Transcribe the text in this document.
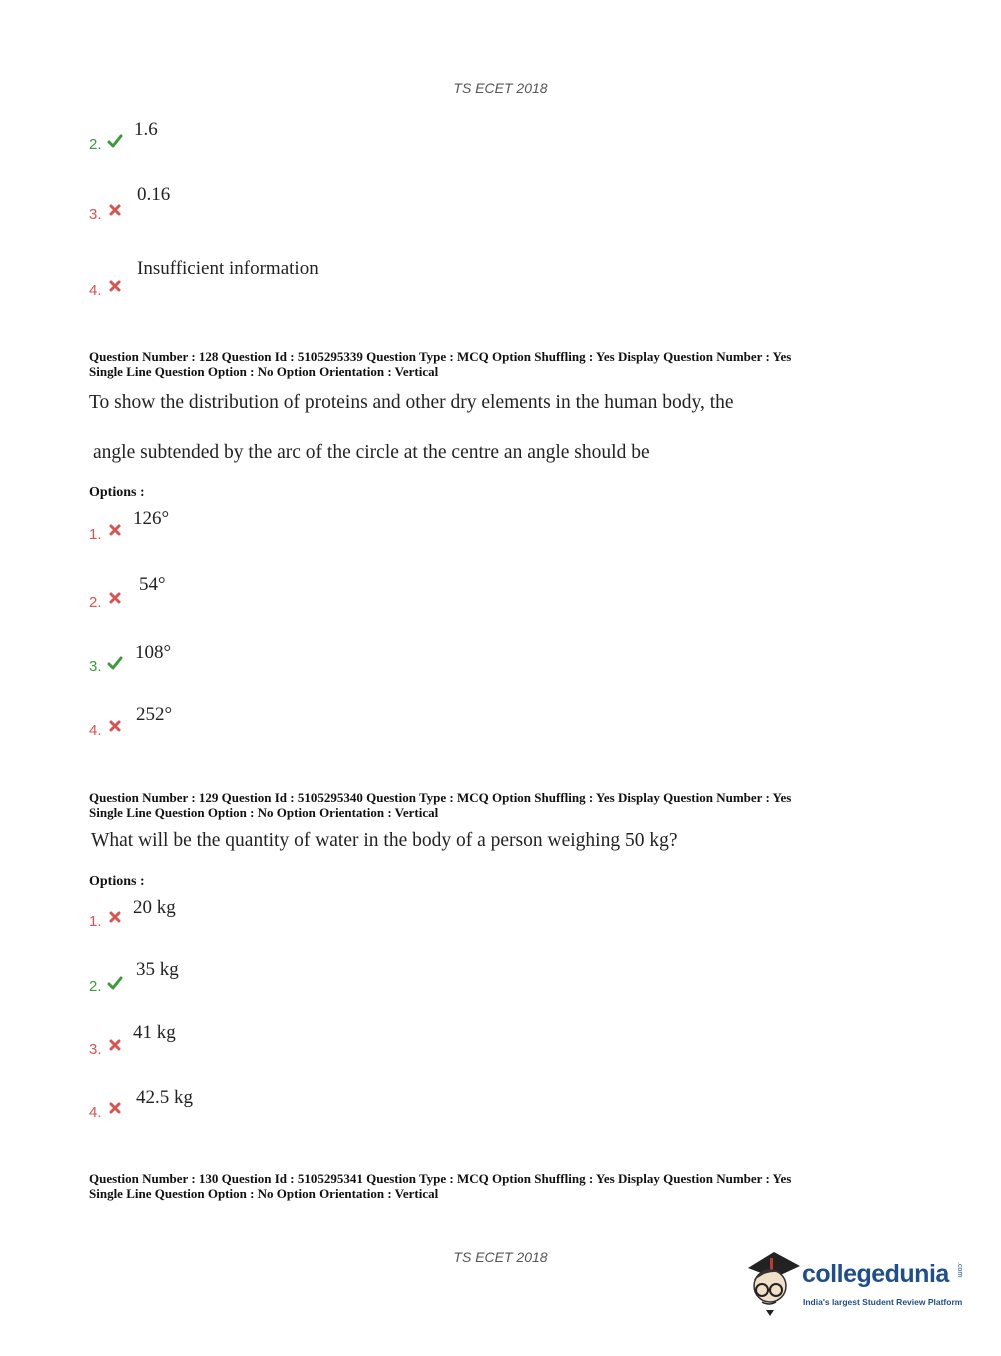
TS ECET 2018
2.
1.6
3.
0.16
4.
Insufficient information
Question Number : 128 Question Id : 5105295339 Question Type : MCQ Option Shuffling : Yes Display Question Number : Yes
Single Line Question Option : No Option Orientation : Vertical
To show the distribution of proteins and other dry elements in the human body, the
angle subtended by the arc of the circle at the centre an angle should be
Options :
1.
126°
2.
54°
3.
108°
4.
252°
Question Number : 129 Question Id : 5105295340 Question Type : MCQ Option Shuffling : Yes Display Question Number : Yes
Single Line Question Option : No Option Orientation : Vertical
What will be the quantity of water in the body of a person weighing 50 kg?
Options :
1.
20 kg
2.
35 kg
3.
41 kg
4.
42.5 kg
Question Number : 130 Question Id : 5105295341 Question Type : MCQ Option Shuffling : Yes Display Question Number : Yes
Single Line Question Option : No Option Orientation : Vertical
TS ECET 2018
collegedunia .com
India's largest Student Review Platform
